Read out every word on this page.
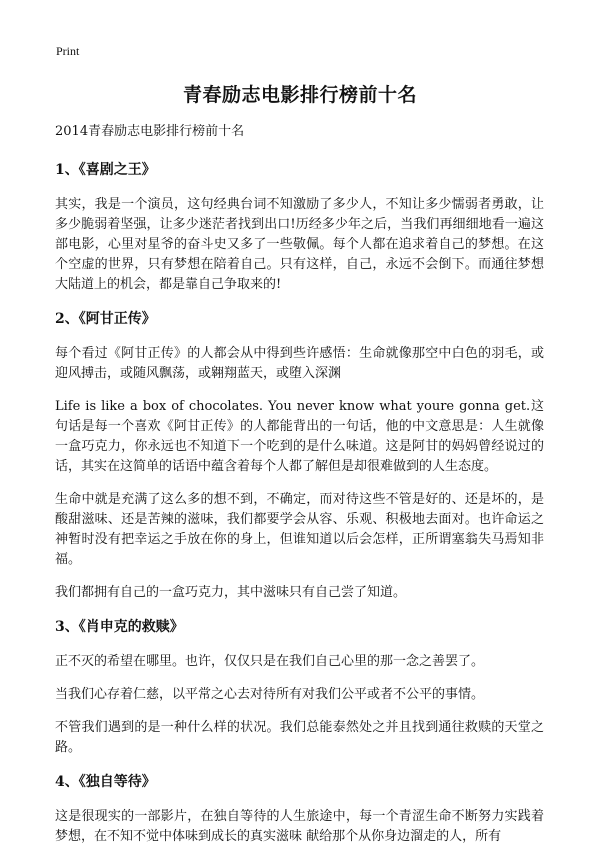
Print
青春励志电影排行榜前十名
2014青春励志电影排行榜前十名
1、《喜剧之王》

其实，我是一个演员，这句经典台词不知激励了多少人，不知让多少懦弱者勇敢，让多少脆弱着坚强，让多少迷茫者找到出口!历经多少年之后，当我们再细细地看一遍这部电影，心里对星爷的奋斗史又多了一些敬佩。每个人都在追求着自己的梦想。在这个空虚的世界，只有梦想在陪着自己。只有这样，自己，永远不会倒下。而通往梦想大陆道上的机会，都是靠自己争取来的!

2、《阿甘正传》

每个看过《阿甘正传》的人都会从中得到些许感悟：生命就像那空中白色的羽毛，或迎风搏击，或随风飘荡，或翱翔蓝天，或堕入深渊

Life is like a box of chocolates. You never know what youre gonna get.这句话是每一个喜欢《阿甘正传》的人都能背出的一句话，他的中文意思是：人生就像一盒巧克力，你永远也不知道下一个吃到的是什么味道。这是阿甘的妈妈曾经说过的话，其实在这简单的话语中蕴含着每个人都了解但是却很难做到的人生态度。

生命中就是充满了这么多的想不到，不确定，而对待这些不管是好的、还是坏的，是酸甜滋味、还是苦辣的滋味，我们都要学会从容、乐观、积极地去面对。也许命运之神暂时没有把幸运之手放在你的身上，但谁知道以后会怎样，正所谓塞翁失马焉知非福。

我们都拥有自己的一盒巧克力，其中滋味只有自己尝了知道。

3、《肖申克的救赎》

正不灭的希望在哪里。也许，仅仅只是在我们自己心里的那一念之善罢了。

当我们心存着仁慈，以平常之心去对待所有对我们公平或者不公平的事情。

不管我们遇到的是一种什么样的状况。我们总能泰然处之并且找到通往救赎的天堂之路。

4、《独自等待》

这是很现实的一部影片，在独自等待的人生旅途中，每一个青涩生命不断努力实践着梦想，在不知不觉中体味到成长的真实滋味 献给那个从你身边溜走的人，所有
